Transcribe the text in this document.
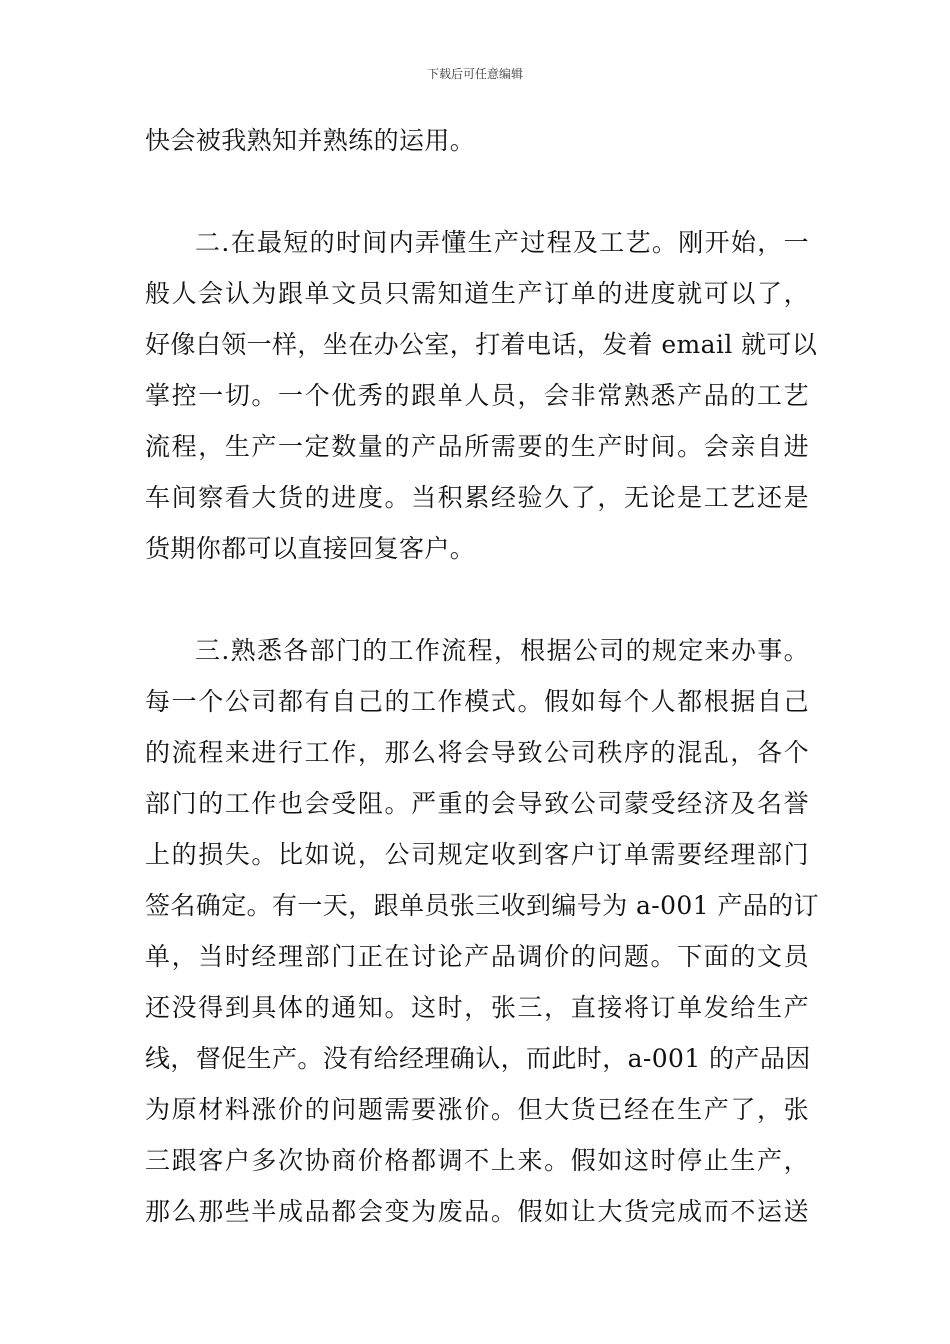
下载后可任意编辑
快会被我熟知并熟练的运用。
二.在最短的时间内弄懂生产过程及工艺。刚开始，一
般人会认为跟单文员只需知道生产订单的进度就可以了，
好像白领一样，坐在办公室，打着电话，发着 email 就可以
掌控一切。一个优秀的跟单人员，会非常熟悉产品的工艺
流程，生产一定数量的产品所需要的生产时间。会亲自进
车间察看大货的进度。当积累经验久了，无论是工艺还是
货期你都可以直接回复客户。
三.熟悉各部门的工作流程，根据公司的规定来办事。
每一个公司都有自己的工作模式。假如每个人都根据自己
的流程来进行工作，那么将会导致公司秩序的混乱，各个
部门的工作也会受阻。严重的会导致公司蒙受经济及名誉
上的损失。比如说，公司规定收到客户订单需要经理部门
签名确定。有一天，跟单员张三收到编号为 a-001 产品的订
单，当时经理部门正在讨论产品调价的问题。下面的文员
还没得到具体的通知。这时，张三，直接将订单发给生产
线，督促生产。没有给经理确认，而此时，a-001 的产品因
为原材料涨价的问题需要涨价。但大货已经在生产了，张
三跟客户多次协商价格都调不上来。假如这时停止生产，
那么那些半成品都会变为废品。假如让大货完成而不运送
